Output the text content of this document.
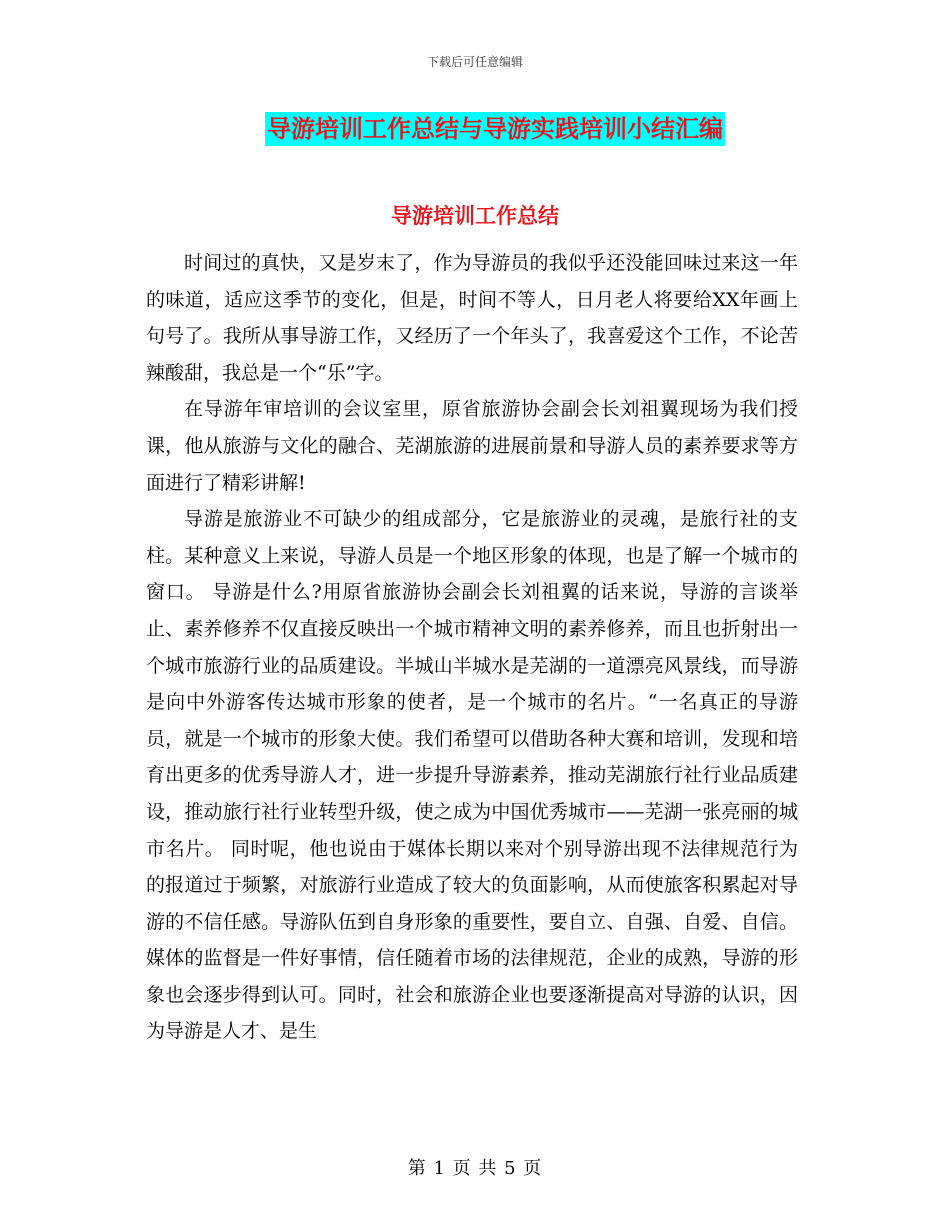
下载后可任意编辑
导游培训工作总结与导游实践培训小结汇编
导游培训工作总结

时间过的真快，又是岁末了，作为导游员的我似乎还没能回味过来这一年的味道，适应这季节的变化，但是，时间不等人，日月老人将要给XX年画上句号了。我所从事导游工作，又经历了一个年头了，我喜爱这个工作，不论苦辣酸甜，我总是一个“乐”字。

在导游年审培训的会议室里，原省旅游协会副会长刘祖翼现场为我们授课，他从旅游与文化的融合、芜湖旅游的进展前景和导游人员的素养要求等方面进行了精彩讲解!

导游是旅游业不可缺少的组成部分，它是旅游业的灵魂，是旅行社的支柱。某种意义上来说，导游人员是一个地区形象的体现，也是了解一个城市的窗口。 导游是什么?用原省旅游协会副会长刘祖翼的话来说，导游的言谈举止、素养修养不仅直接反映出一个城市精神文明的素养修养，而且也折射出一个城市旅游行业的品质建设。半城山半城水是芜湖的一道漂亮风景线，而导游是向中外游客传达城市形象的使者，是一个城市的名片。“一名真正的导游员，就是一个城市的形象大使。我们希望可以借助各种大赛和培训，发现和培育出更多的优秀导游人才，进一步提升导游素养，推动芜湖旅行社行业品质建设，推动旅行社行业转型升级，使之成为中国优秀城市——芜湖一张亮丽的城市名片。 同时呢，他也说由于媒体长期以来对个别导游出现不法律规范行为的报道过于频繁，对旅游行业造成了较大的负面影响，从而使旅客积累起对导游的不信任感。导游队伍到自身形象的重要性，要自立、自强、自爱、自信。媒体的监督是一件好事情，信任随着市场的法律规范，企业的成熟，导游的形象也会逐步得到认可。同时，社会和旅游企业也要逐渐提高对导游的认识，因为导游是人才、是生

第 1 页 共 5 页
